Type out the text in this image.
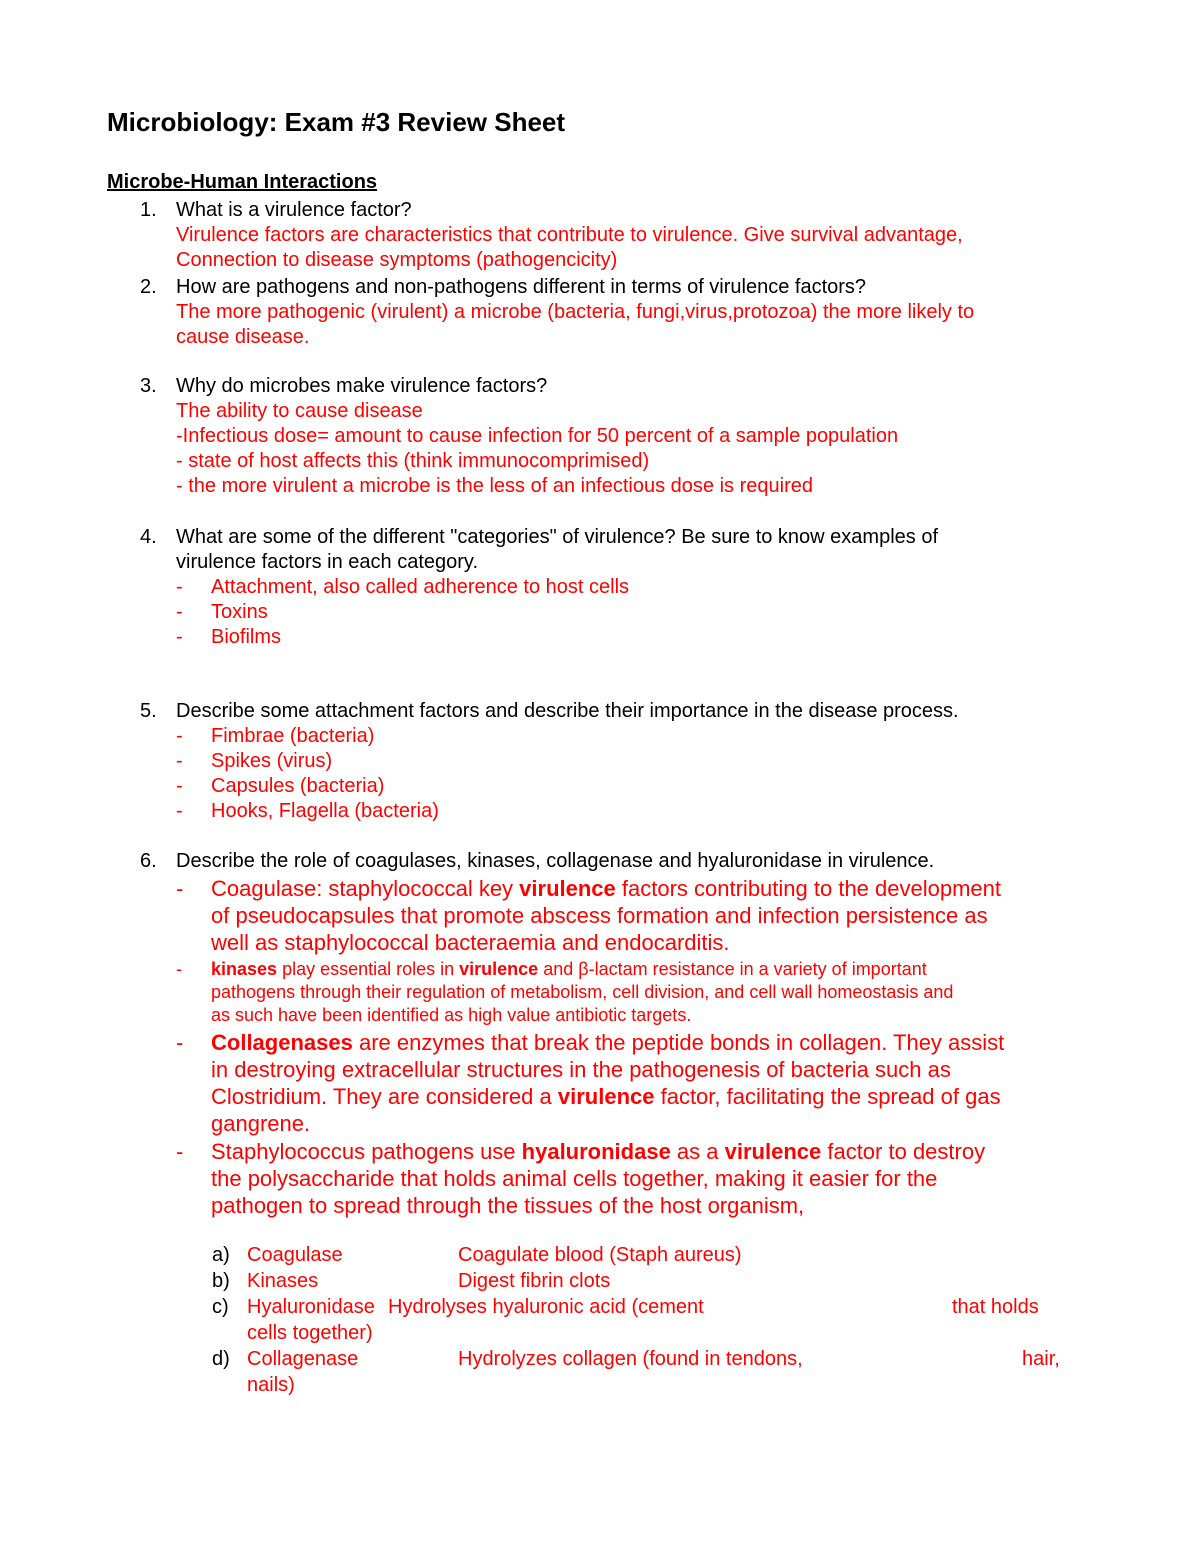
Microbiology: Exam #3 Review Sheet
Microbe-Human Interactions
1. What is a virulence factor?
Virulence factors are characteristics that contribute to virulence. Give survival advantage,
Connection to disease symptoms (pathogencicity)
2. How are pathogens and non-pathogens different in terms of virulence factors?
The more pathogenic (virulent) a microbe (bacteria, fungi,virus,protozoa) the more likely to
cause disease.
3. Why do microbes make virulence factors?
The ability to cause disease
-Infectious dose= amount to cause infection for 50 percent of a sample population
- state of host affects this (think immunocomprimised)
- the more virulent a microbe is the less of an infectious dose is required
4. What are some of the different "categories" of virulence? Be sure to know examples of
virulence factors in each category.
- Attachment, also called adherence to host cells
- Toxins
- Biofilms
5. Describe some attachment factors and describe their importance in the disease process.
- Fimbrae (bacteria)
- Spikes (virus)
- Capsules (bacteria)
- Hooks, Flagella (bacteria)
6. Describe the role of coagulases, kinases, collagenase and hyaluronidase in virulence.
- Coagulase: staphylococcal key virulence factors contributing to the development
of pseudocapsules that promote abscess formation and infection persistence as
well as staphylococcal bacteraemia and endocarditis.
- kinases play essential roles in virulence and β-lactam resistance in a variety of important
pathogens through their regulation of metabolism, cell division, and cell wall homeostasis and
as such have been identified as high value antibiotic targets.
- Collagenases are enzymes that break the peptide bonds in collagen. They assist
in destroying extracellular structures in the pathogenesis of bacteria such as
Clostridium. They are considered a virulence factor, facilitating the spread of gas
gangrene.
- Staphylococcus pathogens use hyaluronidase as a virulence factor to destroy
the polysaccharide that holds animal cells together, making it easier for the
pathogen to spread through the tissues of the host organism,
a) Coagulase	Coagulate blood (Staph aureus)
b) Kinases	Digest fibrin clots
c) Hyaluronidase Hydrolyses hyaluronic acid (cement	that holds
cells together)
d) Collagenase	Hydrolyzes collagen (found in tendons,	hair,
nails)
